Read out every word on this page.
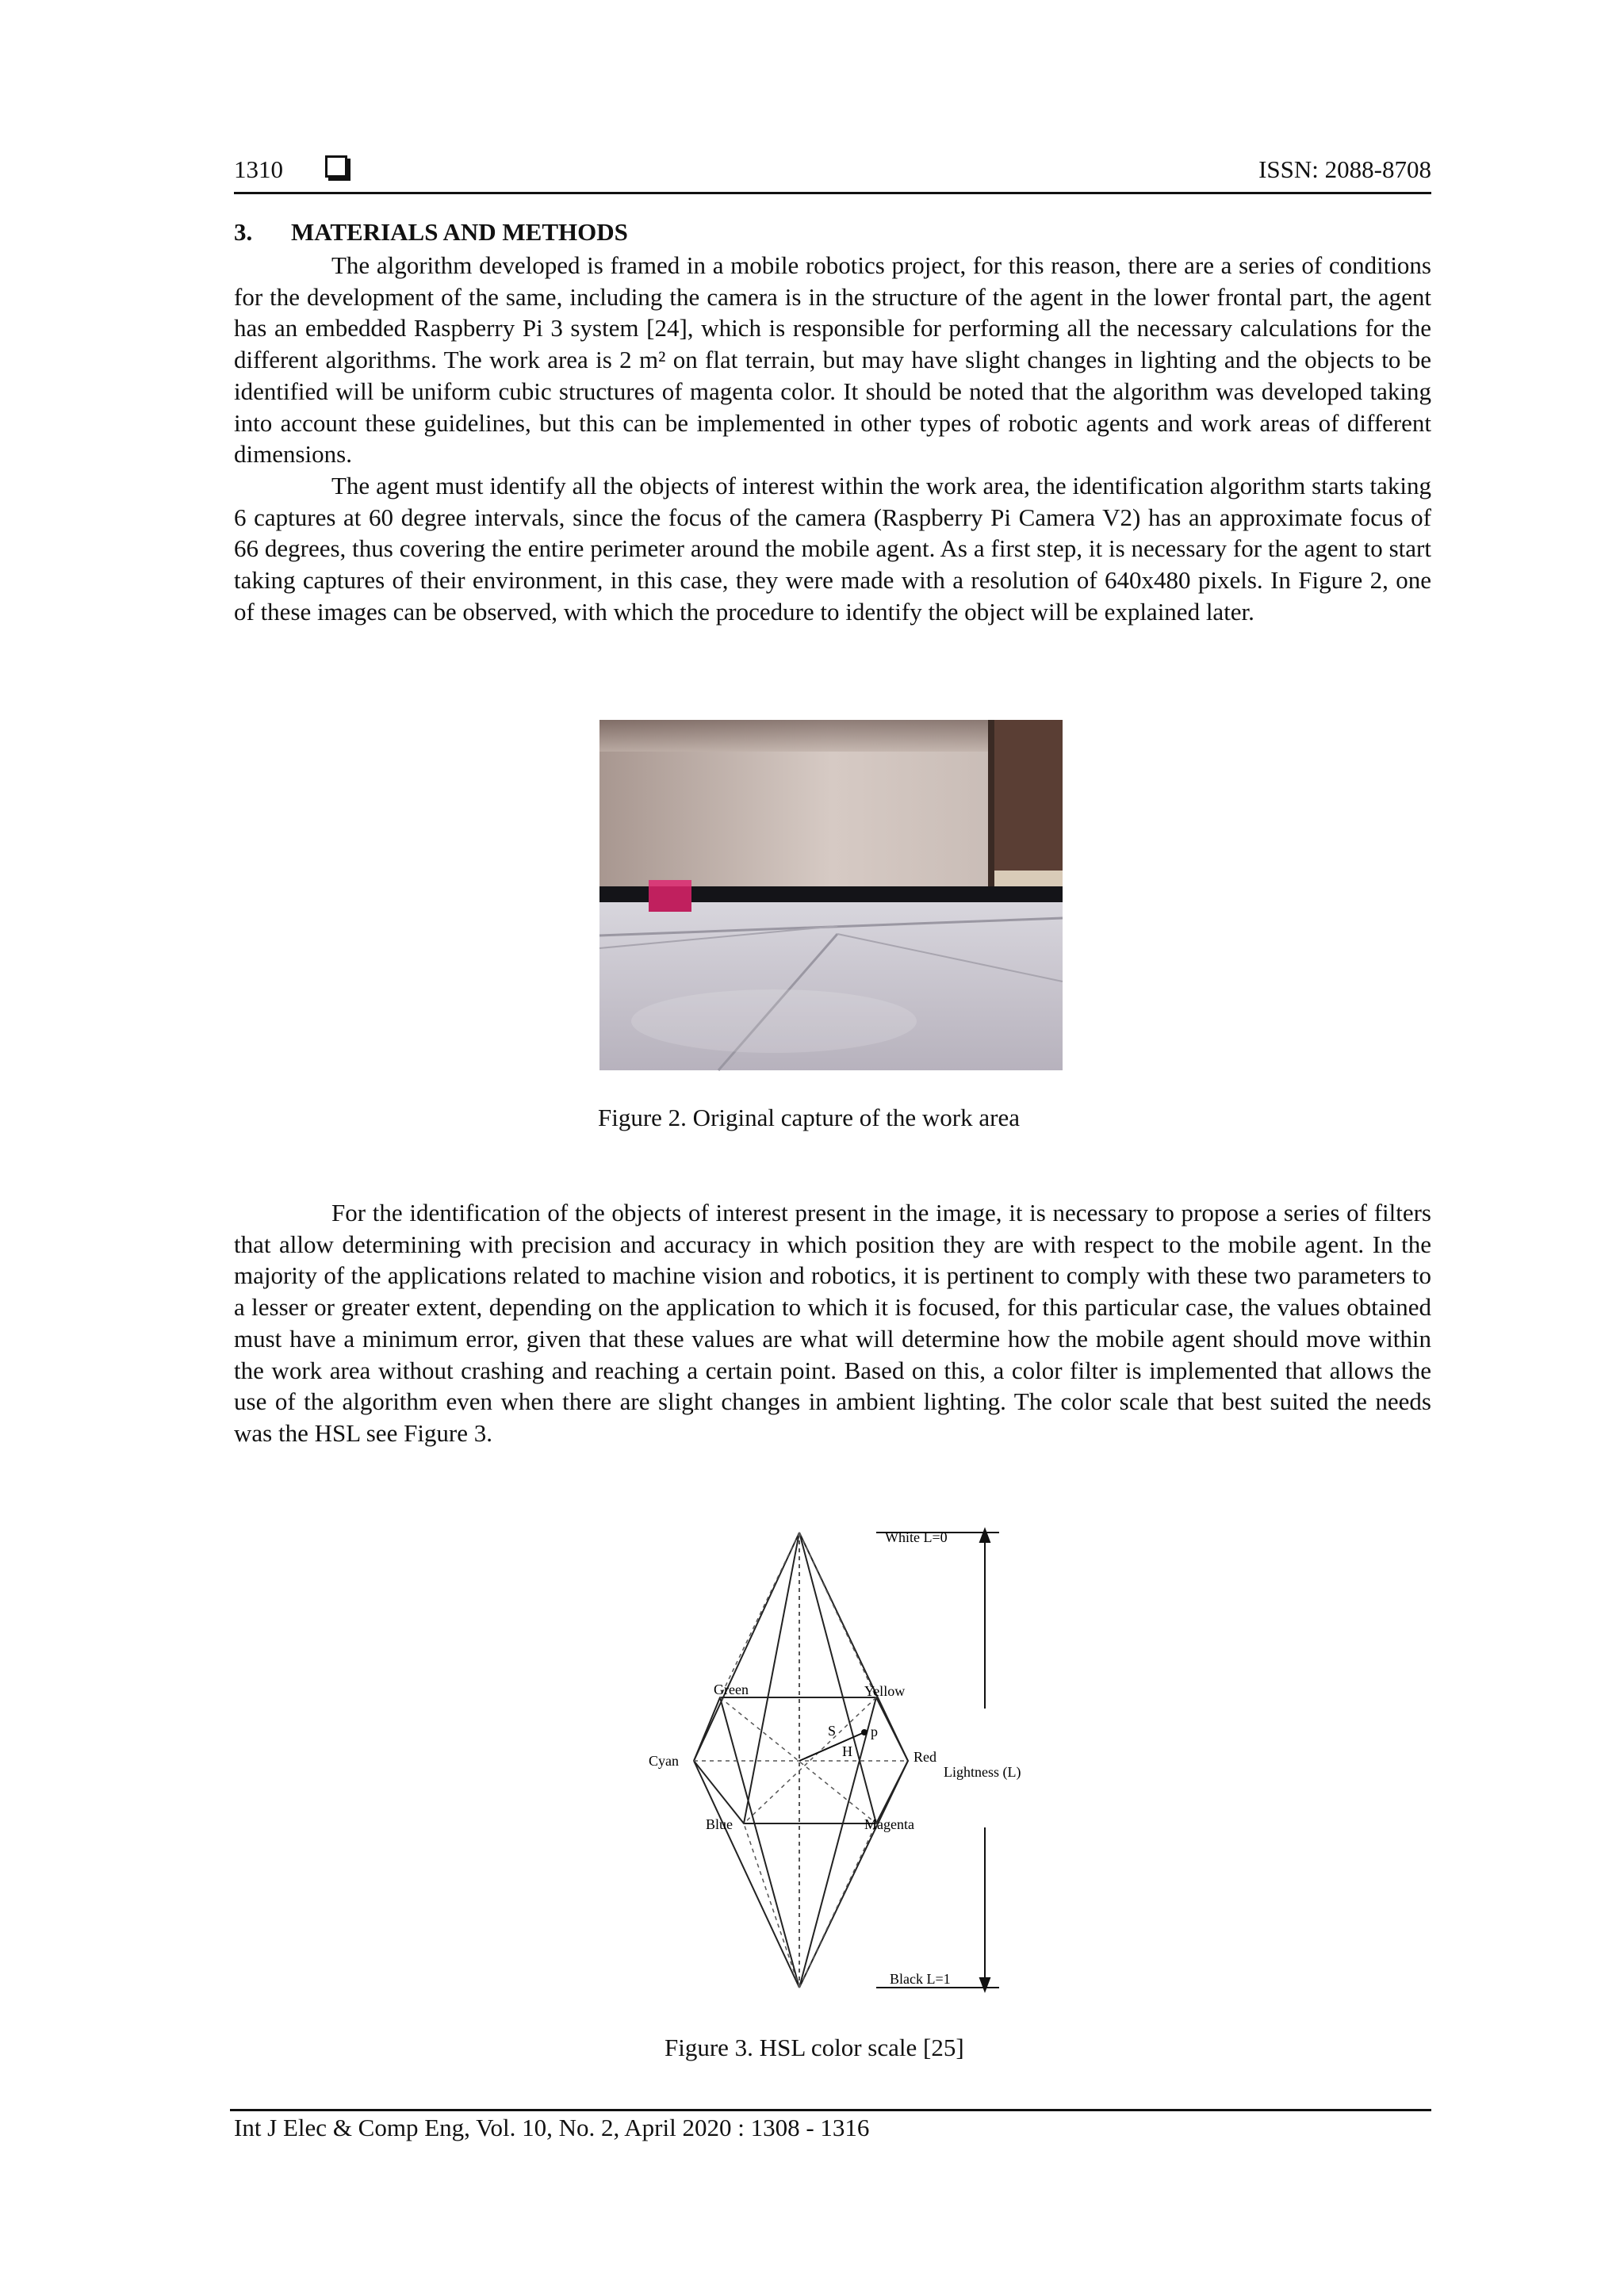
1310	ISSN: 2088-8708
3. MATERIALS AND METHODS

The algorithm developed is framed in a mobile robotics project, for this reason, there are a series of conditions for the development of the same, including the camera is in the structure of the agent in the lower frontal part, the agent has an embedded Raspberry Pi 3 system [24], which is responsible for performing all the necessary calculations for the different algorithms. The work area is 2 m² on flat terrain, but may have slight changes in lighting and the objects to be identified will be uniform cubic structures of magenta color. It should be noted that the algorithm was developed taking into account these guidelines, but this can be implemented in other types of robotic agents and work areas of different dimensions.

The agent must identify all the objects of interest within the work area, the identification algorithm starts taking 6 captures at 60 degree intervals, since the focus of the camera (Raspberry Pi Camera V2) has an approximate focus of 66 degrees, thus covering the entire perimeter around the mobile agent. As a first step, it is necessary for the agent to start taking captures of their environment, in this case, they were made with a resolution of 640x480 pixels. In Figure 2, one of these images can be observed, with which the procedure to identify the object will be explained later.

Figure 2. Original capture of the work area

For the identification of the objects of interest present in the image, it is necessary to propose a series of filters that allow determining with precision and accuracy in which position they are with respect to the mobile agent. In the majority of the applications related to machine vision and robotics, it is pertinent to comply with these two parameters to a lesser or greater extent, depending on the application to which it is focused, for this particular case, the values obtained must have a minimum error, given that these values are what will determine how the mobile agent should move within the work area without crashing and reaching a certain point. Based on this, a color filter is implemented that allows the use of the algorithm even when there are slight changes in ambient lighting. The color scale that best suited the needs was the HSL see Figure 3.

White L=0
Black L=1
Green	Yellow
Cyan	Red
Blue	Magenta
Lightness (L)
S
H
p
Figure 3. HSL color scale [25]
Int J Elec & Comp Eng, Vol. 10, No. 2, April 2020 : 1308 - 1316
